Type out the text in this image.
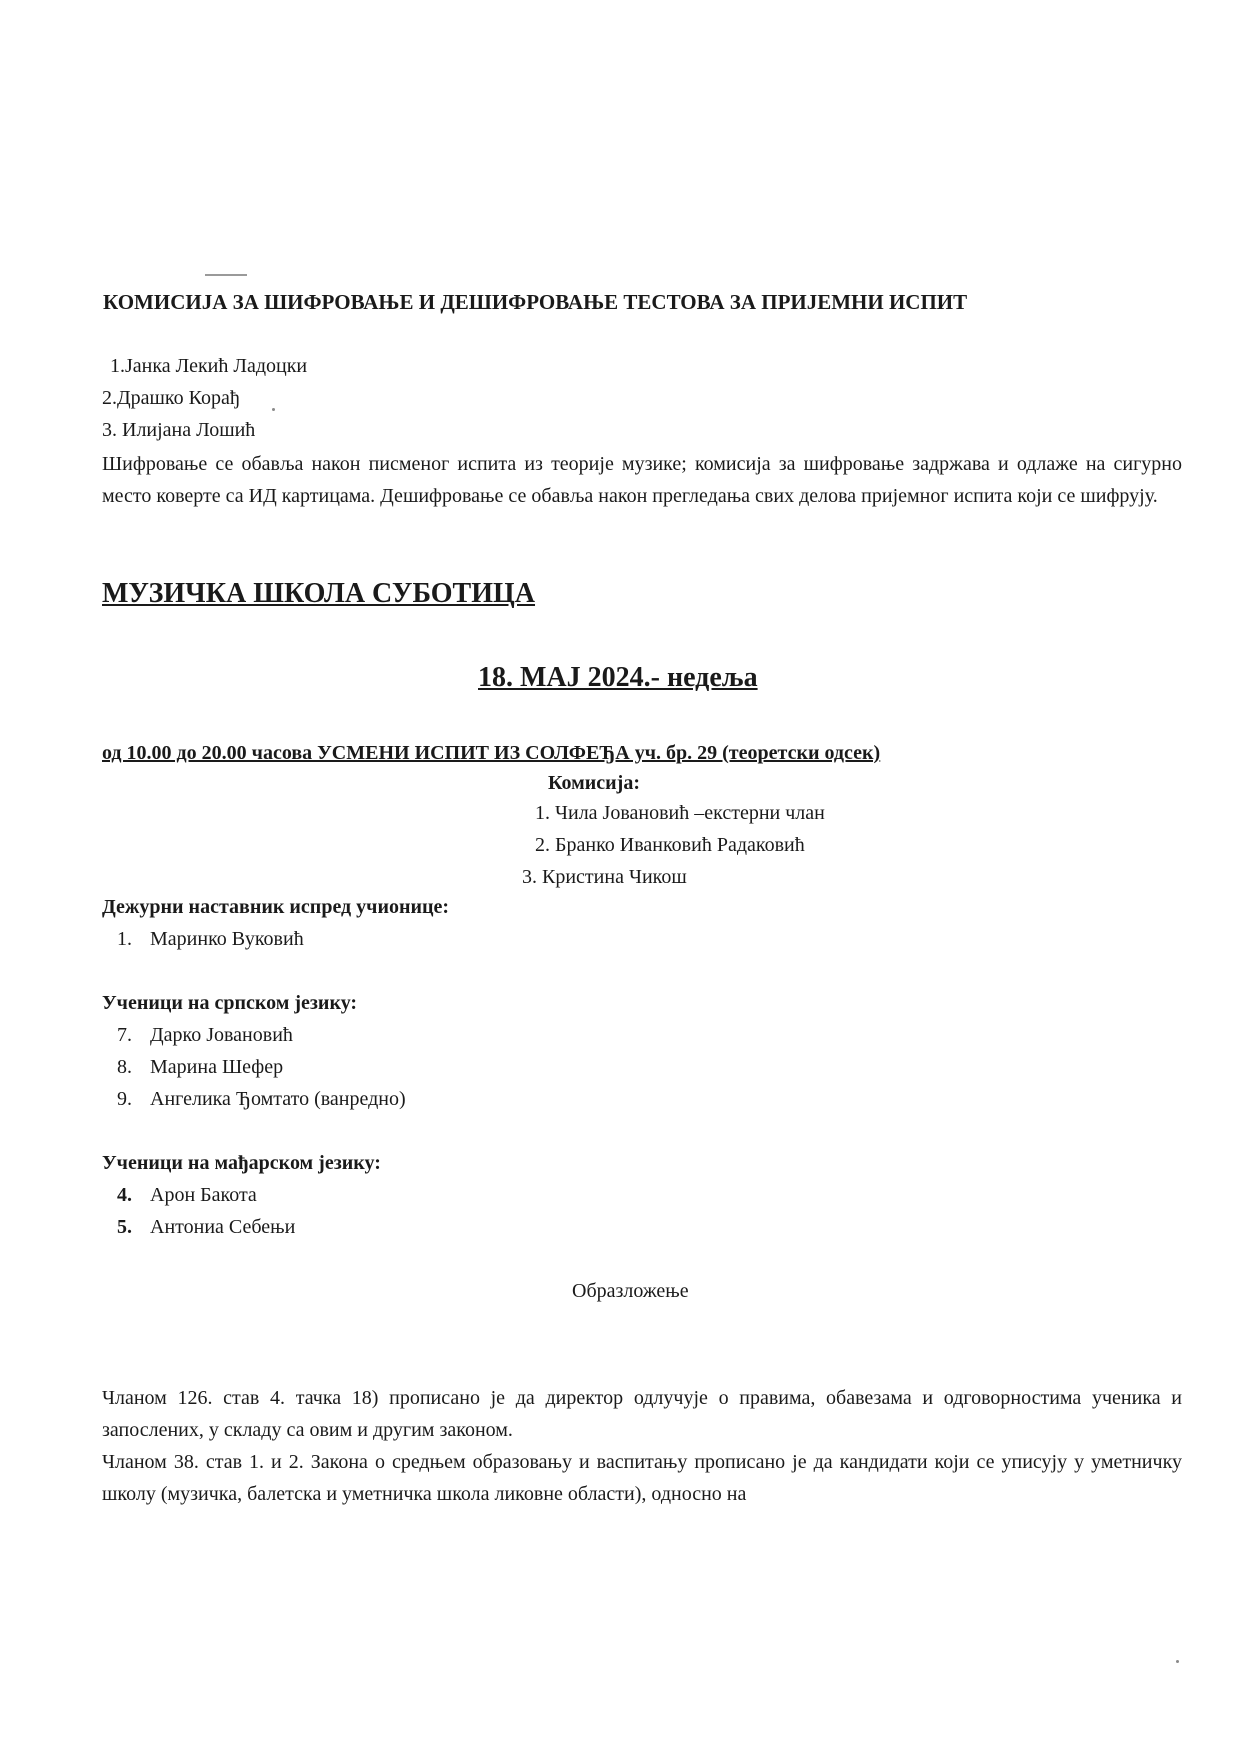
КОМИСИЈА ЗА ШИФРОВАЊЕ И ДЕШИФРОВАЊЕ ТЕСТОВА ЗА ПРИЈЕМНИ ИСПИТ
1.Јанка Лекић Ладоцки
2.Драшко Корађ
3. Илијана Лошић
Шифровање се обавља након писменог испита из теорије музике; комисија за шифровање задржава и одлаже на сигурно место коверте са ИД картицама. Дешифровање се обавља након прегледања свих делова пријемног испита који се шифрују.
МУЗИЧКА ШКОЛА СУБОТИЦА
18. МАЈ 2024.- недеља
од 10.00 до 20.00 часова УСМЕНИ ИСПИТ ИЗ СОЛФЕЂА уч. бр. 29 (теоретски одсек)
Комисија:
1. Чила Јовановић –екстерни члан
2. Бранко Иванковић Радаковић
3. Кристина Чикош
Дежурни наставник испред учионице:
1. Маринко Вуковић
Ученици на српском језику:
7. Дарко Јовановић
8. Марина Шефер
9. Ангелика Ђомтато (ванредно)
Ученици на мађарском језику:
4. Арон Бакота
5. Антониа Себењи
Образложење
Чланом 126. став 4. тачка 18) прописано је да директор одлучује о правима, обавезама и одговорностима ученика и запослених, у складу са овим и другим законом.
Чланом 38. став 1. и 2. Закона о средњем образовању и васпитању прописано је да кандидати који се уписују у уметничку школу (музичка, балетска и уметничка школа ликовне области), односно на
